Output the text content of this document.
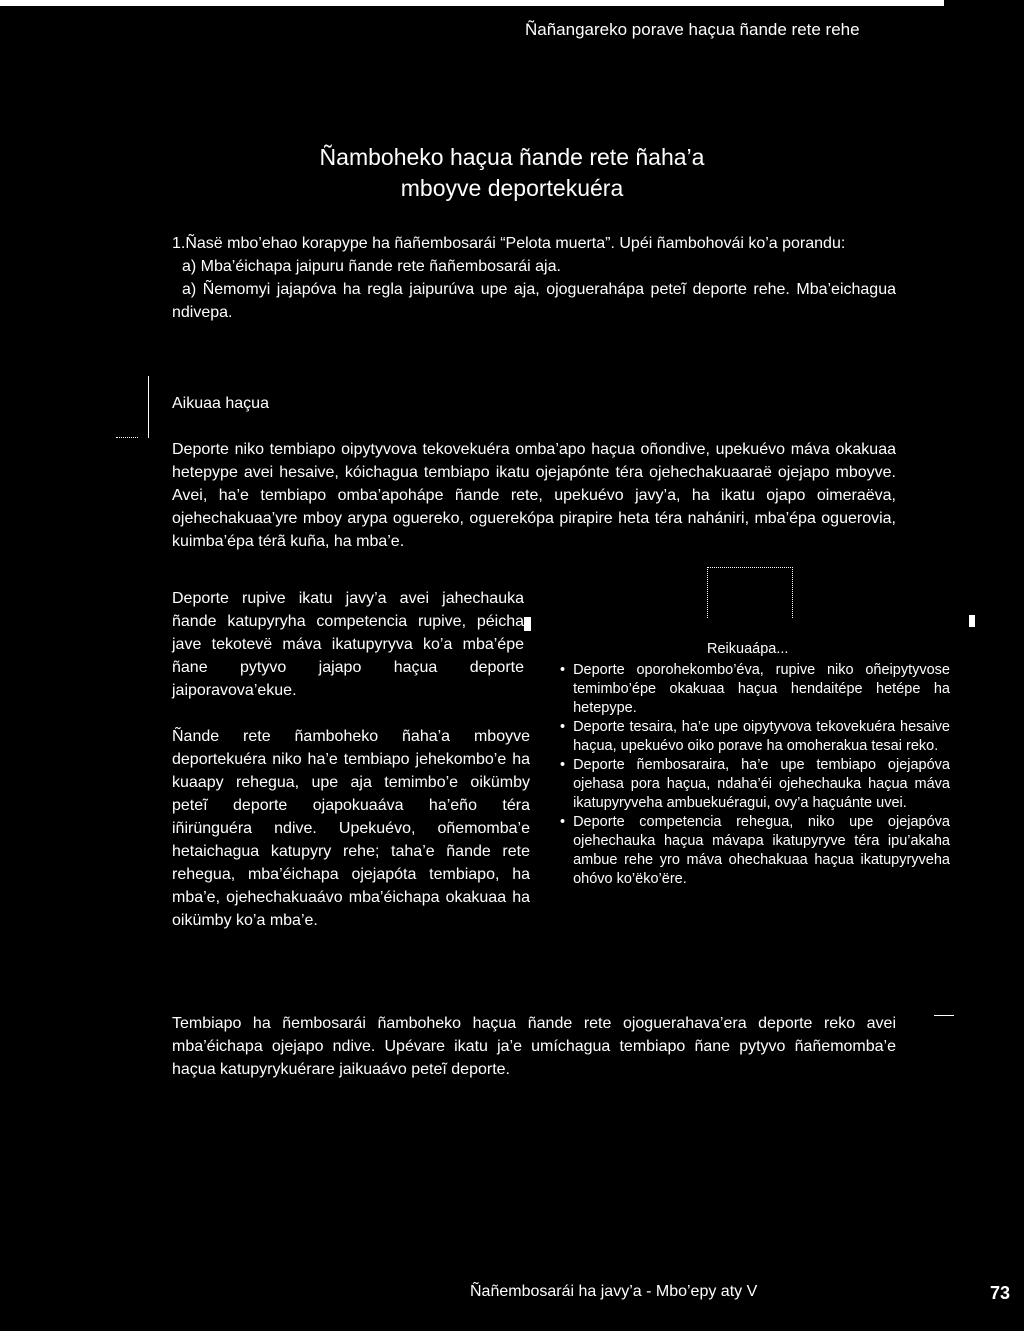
Ñañangareko porave haçua ñande rete rehe
Ñamboheko haçua ñande rete ñaha’a
mboyve deportekuéra
1.Ñasë mbo’ehao korapype ha ñañembosarái “Pelota muerta”. Upéi ñambohovái ko’a porandu:
a) Mba’éichapa jaipuru ñande rete ñañembosarái aja.
a) Ñemomyi jajapóva ha regla jaipurúva upe aja, ojogueraháрa peteĩ deporte rehe. Mba’eichagua ndivepa.
Aikuaa haçua
Deporte niko tembiapo oipytyvova tekovekuéra omba’apo haçua oñondive, upekuévo máva okakuaa hetepype avei hesaive, kóichagua tembiapo ikatu ojejapónte téra ojehechakuaaraë ojejapo mboyve. Avei, ha’e tembiapo omba’apoháрe ñande rete, upekuévo javy’a, ha ikatu ojapo oimeraëva, ojehechakuaa’yre mboy arypa oguereko, oguerekópa pirapire heta téra nahániri, mba’épa oguerovia, kuimba’épa térã kuña, ha mba’e.
Deporte rupive ikatu javy’a avei jahechauka ñande katupyryha competencia rupive, péicha jave tekotevë máva ikatupyryva ko’a mba’épe ñane pytyvo jajapo haçua deporte jaiporavova’ekue.
Ñande rete ñamboheko ñaha’a mboyve deportekuéra niko ha’e tembiapo jehekombo’e ha kuaapy rehegua, upe aja temimbo’e oikümby peteĩ deporte ojapokuaáva ha’eño téra iñirünguéra ndive. Upekuévo, oñemomba’e hetaichagua katupyry rehe; taha’e ñande rete rehegua, mba’éichapa ojejapóta tembiapo, ha mba’e, ojehechakuaávo mba’éichapa okakuaa ha oikümby ko’a mba’e.
Reikuaápa...
• Deporte oporohekombo’éva, rupive niko oñeipytyvose temimbo’épe okakuaa haçua hendaitépe hetépe ha hetepype.
• Deporte tesaira, ha’e upe oipytyvova tekovekuéra hesaive haçua, upekuévo oiko porave ha omoherakua tesai reko.
• Deporte ñembosaraira, ha’e upe tembiapo ojejapóva ojehasa pora haçua, ndaha’éi ojehechauka haçua máva ikatupyryveha ambuekuéragui, ovy’a haçuánte uvei.
• Deporte competencia rehegua, niko upe ojejapóva ojehechauka haçua mávapa ikatupyryve téra ipu’akaha ambue rehe yro máva ohechakuaa haçua ikatupyryveha ohóvo ko’ëko’ëre.
Tembiapo ha ñembosarái ñamboheko haçua ñande rete ojoguerahava’era deporte reko avei mba’éichapa ojejapo ndive. Upévare ikatu ja’e umíchagua tembiapo ñane pytyvo ñañemomba’e haçua katupyrykuérare jaikuaávo peteĩ deporte.
Ñañembosarái ha javy’a - Mbo’epy aty V	73
